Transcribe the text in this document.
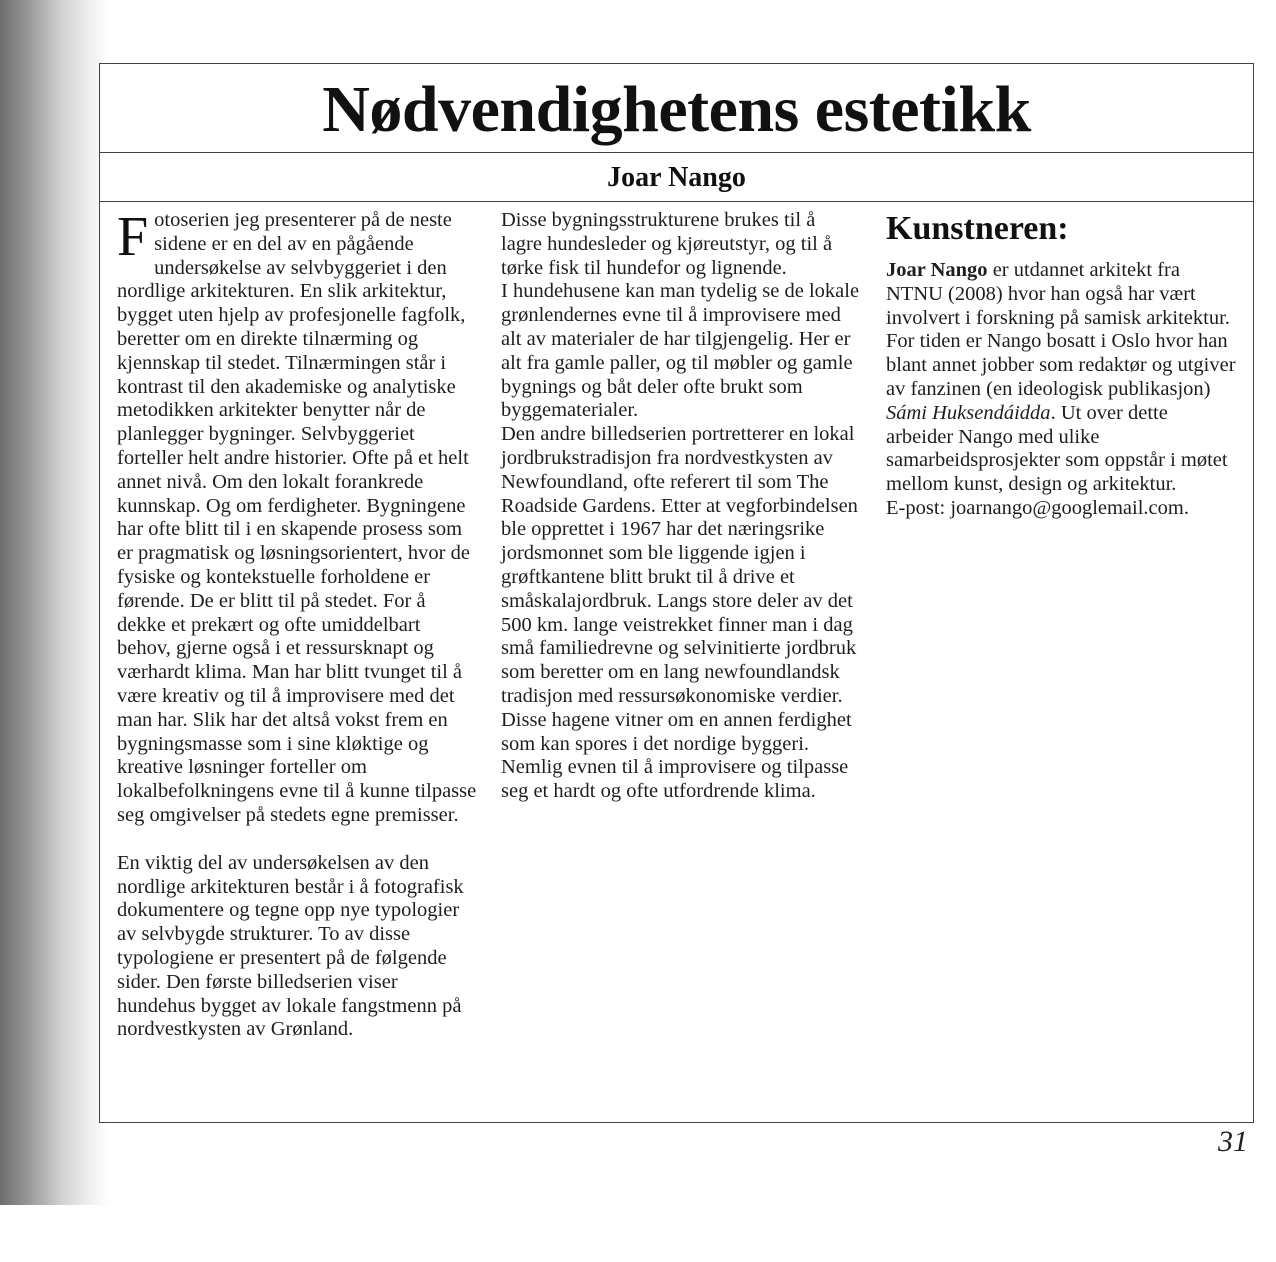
Nødvendighetens estetikk
Joar Nango

Fotoserien jeg presenterer på de neste sidene er en del av en pågående undersøkelse av selvbyggeriet i den nordlige arkitekturen. En slik arkitektur, bygget uten hjelp av profesjonelle fagfolk, beretter om en direkte tilnærming og kjennskap til stedet. Tilnærmingen står i kontrast til den akademiske og analytiske metodikken arkitekter benytter når de planlegger bygninger. Selvbyggeriet forteller helt andre historier. Ofte på et helt annet nivå. Om den lokalt forankrede kunnskap. Og om ferdigheter. Bygningene har ofte blitt til i en skapende prosess som er pragmatisk og løsningsorientert, hvor de fysiske og kontekstuelle forholdene er førende. De er blitt til på stedet. For å dekke et prekært og ofte umiddelbart behov, gjerne også i et ressursknapt og værhardt klima. Man har blitt tvunget til å være kreativ og til å improvisere med det man har. Slik har det altså vokst frem en bygningsmasse som i sine kløktige og kreative løsninger forteller om lokalbefolkningens evne til å kunne tilpasse seg omgivelser på stedets egne premisser.

En viktig del av undersøkelsen av den nordlige arkitekturen består i å fotografisk dokumentere og tegne opp nye typologier av selvbygde strukturer. To av disse typologiene er presentert på de følgende sider. Den første billedserien viser hundehus bygget av lokale fangstmenn på nordvestkysten av Grønland.

Disse bygningsstrukturene brukes til å lagre hundesleder og kjøreutstyr, og til å tørke fisk til hundefor og lignende.

I hundehusene kan man tydelig se de lokale grønlendernes evne til å improvisere med alt av materialer de har tilgjengelig. Her er alt fra gamle paller, og til møbler og gamle bygnings og båt deler ofte brukt som byggematerialer.

Den andre billedserien portretterer en lokal jordbrukstradisjon fra nordvestkysten av Newfoundland, ofte referert til som The Roadside Gardens. Etter at vegforbindelsen ble opprettet i 1967 har det næringsrike jordsmonnet som ble liggende igjen i grøftkantene blitt brukt til å drive et småskalajordbruk. Langs store deler av det 500 km. lange veistrekket finner man i dag små familiedrevne og selvinitierte jordbruk som beretter om en lang newfoundlandsk tradisjon med ressursøkonomiske verdier. Disse hagene vitner om en annen ferdighet som kan spores i det nordige byggeri. Nemlig evnen til å improvisere og tilpasse seg et hardt og ofte utfordrende klima.

Kunstneren:

Joar Nango er utdannet arkitekt fra NTNU (2008) hvor han også har vært involvert i forskning på samisk arkitektur. For tiden er Nango bosatt i Oslo hvor han blant annet jobber som redaktør og utgiver av fanzinen (en ideologisk publikasjon) Sámi Huksendáidda. Ut over dette arbeider Nango med ulike samarbeidsprosjekter som oppstår i møtet mellom kunst, design og arkitektur.

E-post: joarnango@googlemail.com.

31
